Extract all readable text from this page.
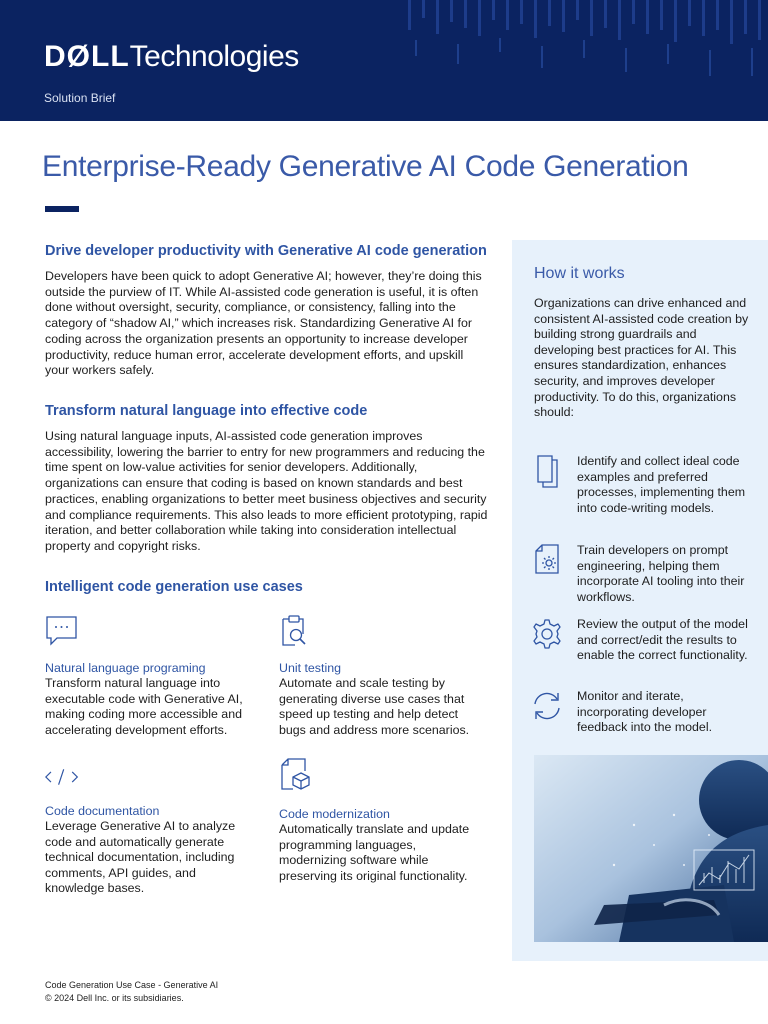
DØLLTechnologies
Solution Brief
Enterprise-Ready Generative AI Code Generation
Drive developer productivity with Generative AI code generation

Developers have been quick to adopt Generative AI; however, they’re doing this outside the purview of IT. While AI-assisted code generation is useful, it is often done without oversight, security, compliance, or consistency, falling into the category of “shadow AI,” which increases risk. Standardizing Generative AI for coding across the organization presents an opportunity to increase developer productivity, reduce human error, accelerate development efforts, and upskill your workers safely.

Transform natural language into effective code

Using natural language inputs, AI-assisted code generation improves accessibility, lowering the barrier to entry for new programmers and reducing the time spent on low-value activities for senior developers. Additionally, organizations can ensure that coding is based on known standards and best practices, enabling organizations to better meet business objectives and security and compliance requirements. This also leads to more efficient prototyping, rapid iteration, and better collaboration while taking into consideration intellectual property and copyright risks.

Intelligent code generation use cases
Natural language programing
Transform natural language into executable code with Generative AI, making coding more accessible and accelerating development efforts.
Unit testing
Automate and scale testing by generating diverse use cases that speed up testing and help detect bugs and address more scenarios.
Code documentation
Leverage Generative AI to analyze code and automatically generate technical documentation, including comments, API guides, and knowledge bases.
Code modernization
Automatically translate and update programming languages, modernizing software while preserving its original functionality.
How it works

Organizations can drive enhanced and consistent AI-assisted code creation by building strong guardrails and developing best practices for AI. This ensures standardization, enhances security, and improves developer productivity. To do this, organizations should:

Identify and collect ideal code examples and preferred processes, implementing them into code-writing models.
Train developers on prompt engineering, helping them incorporate AI tooling into their workflows.
Review the output of the model and correct/edit the results to enable the correct functionality.
Monitor and iterate, incorporating developer feedback into the model.
Code Generation Use Case - Generative AI
© 2024 Dell Inc. or its subsidiaries.
